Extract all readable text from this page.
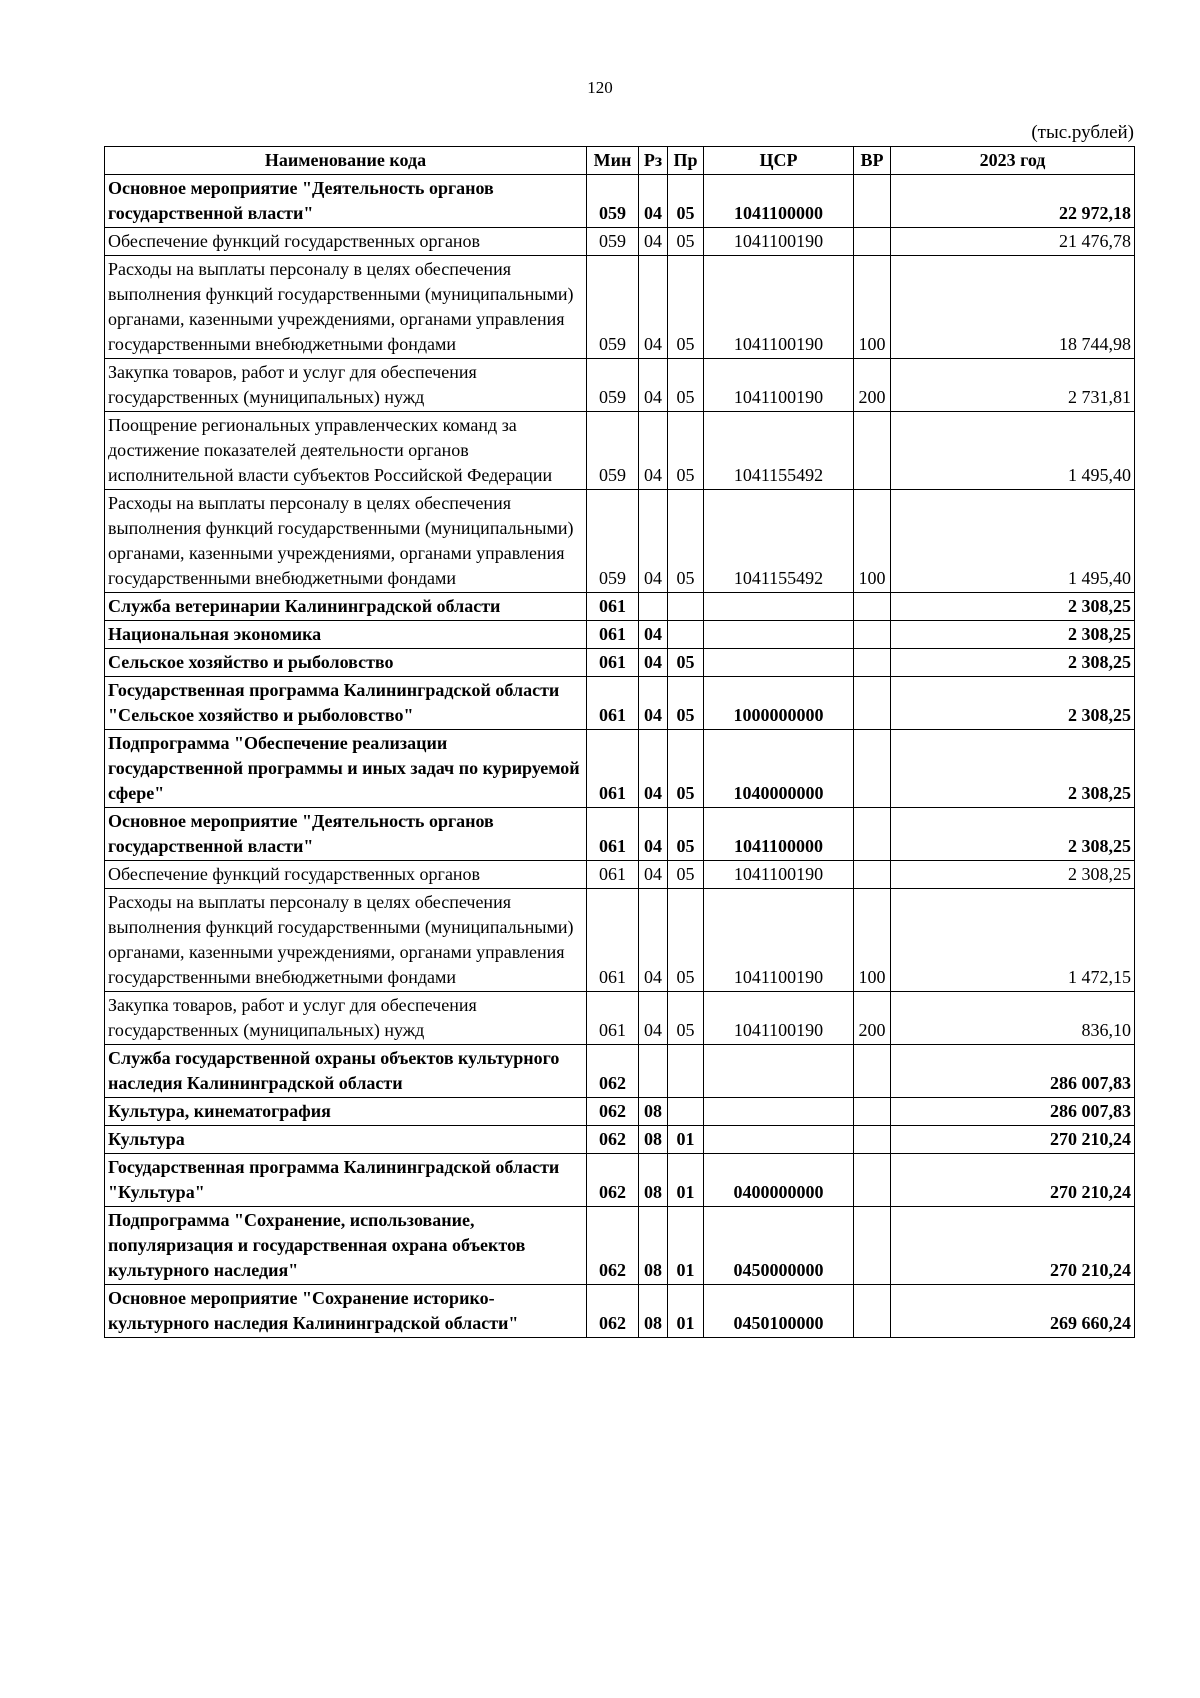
120
(тыс.рублей)
Наименование кода	Мин	Рз	Пр	ЦСР	ВР	2023 год
Основное мероприятие "Деятельность органов государственной власти"	059	04	05	1041100000		22 972,18
Обеспечение функций государственных органов	059	04	05	1041100190		21 476,78
Расходы на выплаты персоналу в целях обеспечения выполнения функций государственными (муниципальными) органами, казенными учреждениями, органами управления государственными внебюджетными фондами	059	04	05	1041100190	100	18 744,98
Закупка товаров, работ и услуг для обеспечения государственных (муниципальных) нужд	059	04	05	1041100190	200	2 731,81
Поощрение региональных управленческих команд за достижение показателей деятельности органов исполнительной власти субъектов Российской Федерации	059	04	05	1041155492		1 495,40
Расходы на выплаты персоналу в целях обеспечения выполнения функций государственными (муниципальными) органами, казенными учреждениями, органами управления государственными внебюджетными фондами	059	04	05	1041155492	100	1 495,40
Служба ветеринарии Калининградской области	061					2 308,25
Национальная экономика	061	04				2 308,25
Сельское хозяйство и рыболовство	061	04	05			2 308,25
Государственная программа Калининградской области "Сельское хозяйство и рыболовство"	061	04	05	1000000000		2 308,25
Подпрограмма "Обеспечение реализации государственной программы и иных задач по курируемой сфере"	061	04	05	1040000000		2 308,25
Основное мероприятие "Деятельность органов государственной власти"	061	04	05	1041100000		2 308,25
Обеспечение функций государственных органов	061	04	05	1041100190		2 308,25
Расходы на выплаты персоналу в целях обеспечения выполнения функций государственными (муниципальными) органами, казенными учреждениями, органами управления государственными внебюджетными фондами	061	04	05	1041100190	100	1 472,15
Закупка товаров, работ и услуг для обеспечения государственных (муниципальных) нужд	061	04	05	1041100190	200	836,10
Служба государственной охраны объектов культурного наследия Калининградской области	062					286 007,83
Культура, кинематография	062	08				286 007,83
Культура	062	08	01			270 210,24
Государственная программа Калининградской области "Культура"	062	08	01	0400000000		270 210,24
Подпрограмма "Сохранение, использование, популяризация и государственная охрана объектов культурного наследия"	062	08	01	0450000000		270 210,24
Основное мероприятие "Сохранение историко-культурного наследия Калининградской области"	062	08	01	0450100000		269 660,24
